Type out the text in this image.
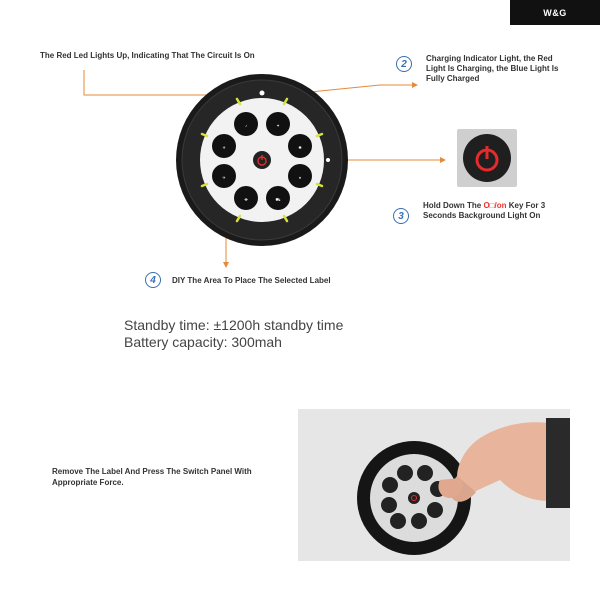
W&G
♪	✦
✺
♦
⛟
✤
✈
☀
The Red Led Lights Up, Indicating That The Circuit Is On
2	Charging Indicator Light, the Red Light Is Charging, the Blue Light Is Fully Charged
3
Hold Down The O□/on Key For 3 Seconds Background Light On
4	DIY The Area To Place The Selected Label
Standby time: ±1200h standby time
Battery capacity: 300mah
Remove The Label And Press The Switch Panel With Appropriate Force.
